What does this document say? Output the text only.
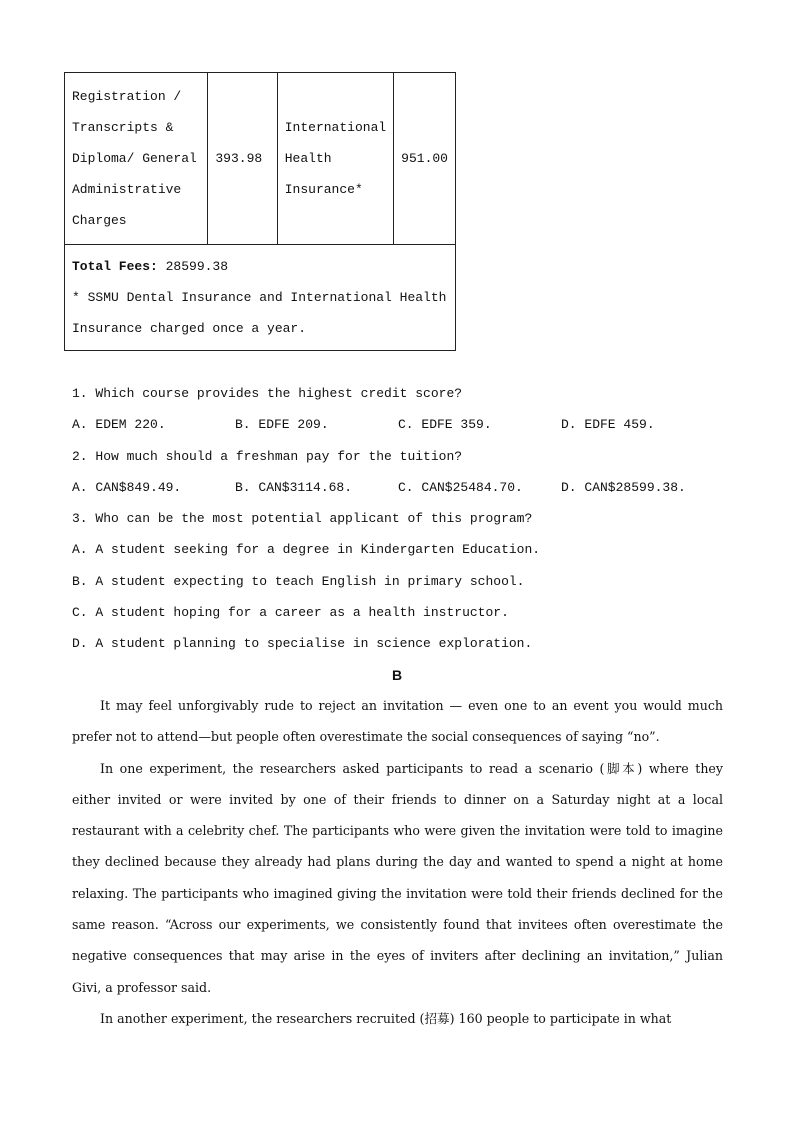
Registration / Transcripts & Diploma/ General Administrative Charges	393.98	International Health Insurance*	951.00

Total Fees: 28599.38
* SSMU Dental Insurance and International Health Insurance charged once a year.
1. Which course provides the highest credit score?
A. EDEM 220.	B. EDFE 209.	C. EDFE 359.	D. EDFE 459.
2. How much should a freshman pay for the tuition?
A. CAN$849.49.	B. CAN$3114.68.	C. CAN$25484.70.	D. CAN$28599.38.
3. Who can be the most potential applicant of this program?
A. A student seeking for a degree in Kindergarten Education.
B. A student expecting to teach English in primary school.
C. A student hoping for a career as a health instructor.
D. A student planning to specialise in science exploration.
B

It may feel unforgivably rude to reject an invitation — even one to an event you would much prefer not to attend—but people often overestimate the social consequences of saying “no”.

In one experiment, the researchers asked participants to read a scenario (脚本) where they either invited or were invited by one of their friends to dinner on a Saturday night at a local restaurant with a celebrity chef. The participants who were given the invitation were told to imagine they declined because they already had plans during the day and wanted to spend a night at home relaxing. The participants who imagined giving the invitation were told their friends declined for the same reason. “Across our experiments, we consistently found that invitees often overestimate the negative consequences that may arise in the eyes of inviters after declining an invitation,” Julian Givi, a professor said.

In another experiment, the researchers recruited (招募) 160 people to participate in what
